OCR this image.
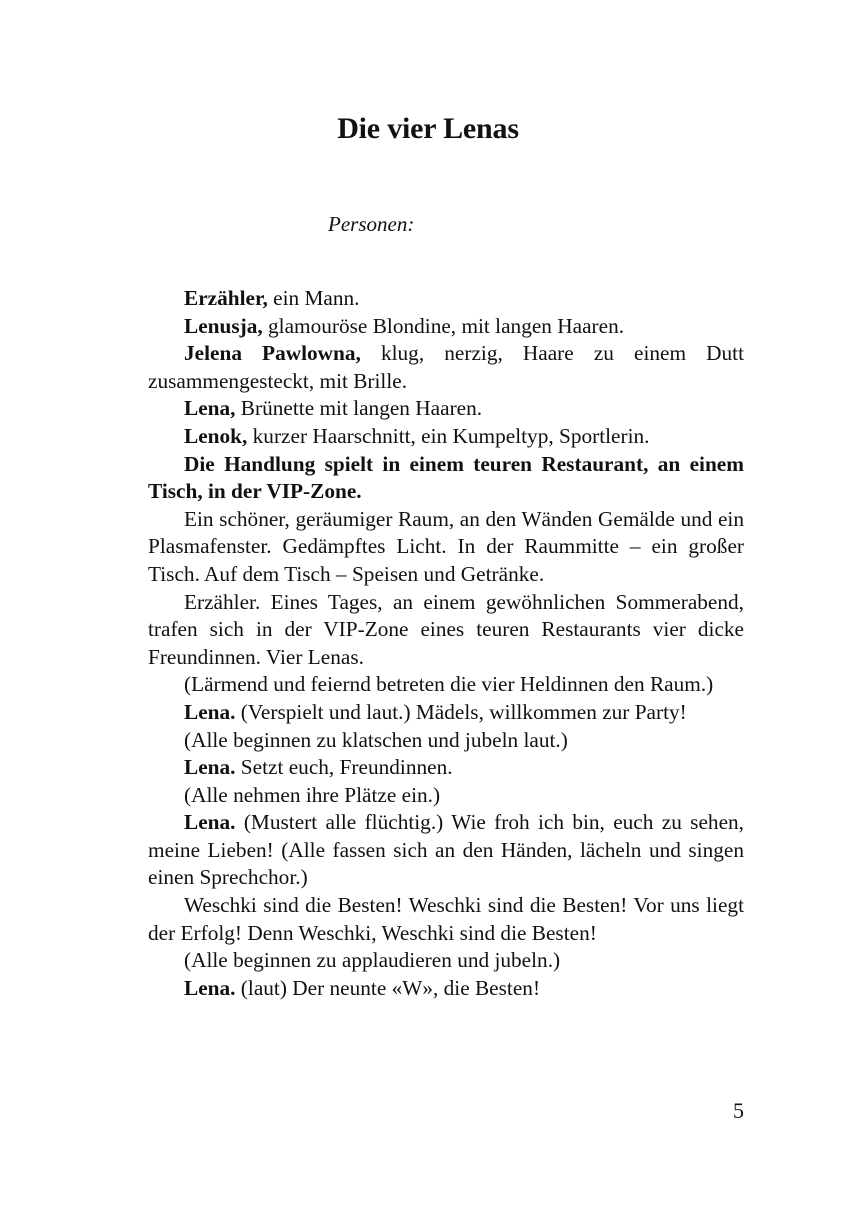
Die vier Lenas
Personen:

Erzähler, ein Mann.

Lenusja, glamouröse Blondine, mit langen Haaren.

Jelena Pawlowna, klug, nerzig, Haare zu einem Dutt zusammengesteckt, mit Brille.

Lena, Brünette mit langen Haaren.

Lenok, kurzer Haarschnitt, ein Kumpeltyp, Sportlerin.

Die Handlung spielt in einem teuren Restaurant, an einem Tisch, in der VIP-Zone.

Ein schöner, geräumiger Raum, an den Wänden Gemälde und ein Plasmafenster. Gedämpftes Licht. In der Raummitte – ein großer Tisch. Auf dem Tisch – Speisen und Getränke.

Erzähler. Eines Tages, an einem gewöhnlichen Sommerabend, trafen sich in der VIP-Zone eines teuren Restaurants vier dicke Freundinnen. Vier Lenas.

(Lärmend und feiernd betreten die vier Heldinnen den Raum.)

Lena. (Verspielt und laut.) Mädels, willkommen zur Party!

(Alle beginnen zu klatschen und jubeln laut.)

Lena. Setzt euch, Freundinnen.

(Alle nehmen ihre Plätze ein.)

Lena. (Mustert alle flüchtig.) Wie froh ich bin, euch zu sehen, meine Lieben! (Alle fassen sich an den Händen, lächeln und singen einen Sprechchor.)

Weschki sind die Besten! Weschki sind die Besten! Vor uns liegt der Erfolg! Denn Weschki, Weschki sind die Besten!

(Alle beginnen zu applaudieren und jubeln.)

Lena. (laut) Der neunte «W», die Besten!

5
